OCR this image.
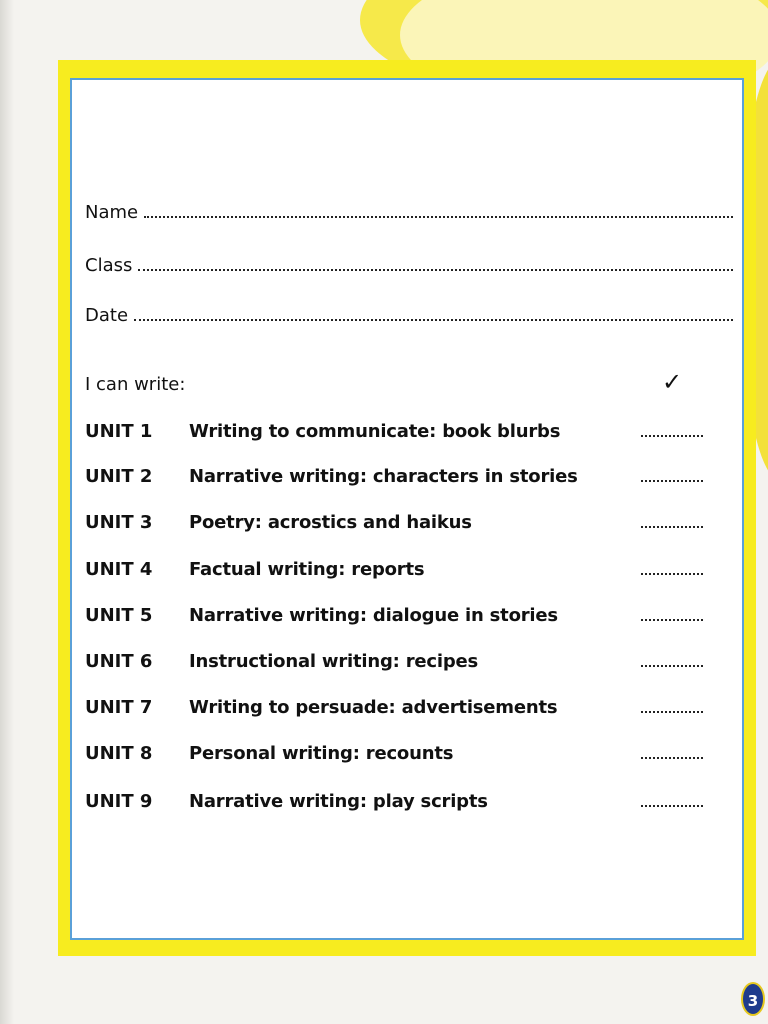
Name
Class
Date
I can write:	✓
UNIT 1 Writing to communicate: book blurbs
UNIT 2 Narrative writing: characters in stories
UNIT 3 Poetry: acrostics and haikus
UNIT 4 Factual writing: reports
UNIT 5 Narrative writing: dialogue in stories
UNIT 6 Instructional writing: recipes
UNIT 7 Writing to persuade: advertisements
UNIT 8 Personal writing: recounts
UNIT 9 Narrative writing: play scripts
3
